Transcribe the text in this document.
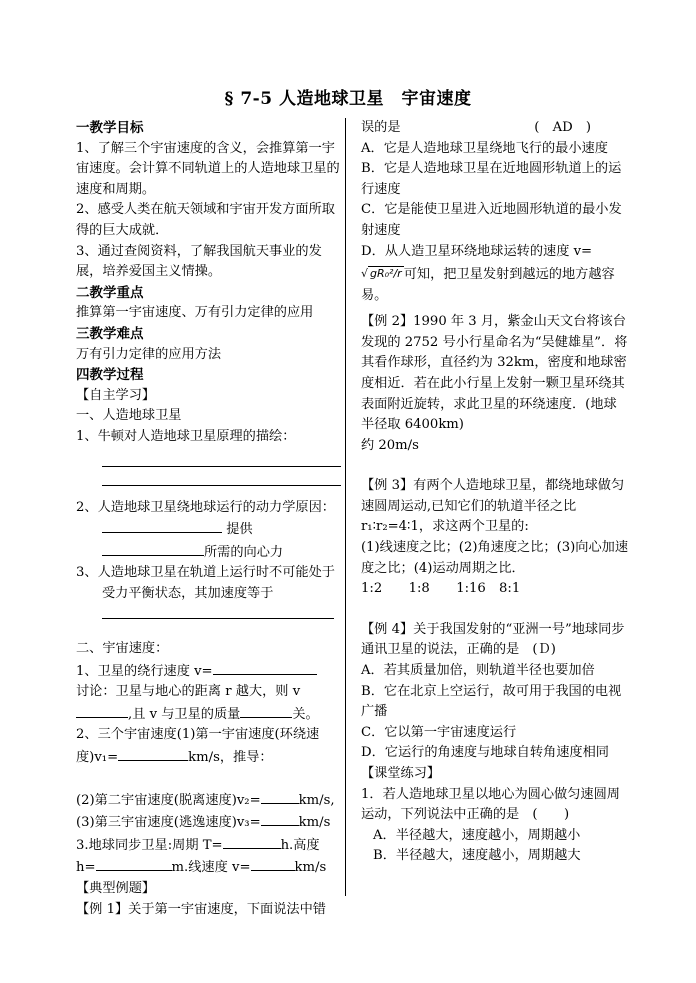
§ 7-5 人造地球卫星　宇宙速度

一教学目标

1、了解三个宇宙速度的含义，会推算第一宇宙速度。会计算不同轨道上的人造地球卫星的速度和周期。

2、感受人类在航天领域和宇宙开发方面所取得的巨大成就．

3、通过查阅资料，了解我国航天事业的发展，培养爱国主义情操。

二教学重点

推算第一宇宙速度、万有引力定律的应用

三教学难点

万有引力定律的应用方法

四教学过程

【自主学习】

一、人造地球卫星

1、牛顿对人造地球卫星原理的描绘：

2、人造地球卫星绕地球运行的动力学原因： 提供
所需的向心力

3、人造地球卫星在轨道上运行时不可能处于受力平衡状态，其加速度等于

二、宇宙速度：

1、卫星的绕行速度 v=

讨论：卫星与地心的距离 r 越大，则 v,且 v 与卫星的质量	关。

2、三个宇宙速度(1)第一宇宙速度(环绕速度)v₁=	km/s，推导：

(2)第二宇宙速度(脱离速度)v₂=	km/s,

(3)第三宇宙速度(逃逸速度)v₃=	km/s

3.地球同步卫星:周期 T=	h.高度 h=	m.线速度 v=	km/s

【典型例题】

【例 1】关于第一宇宙速度，下面说法中错

误的是	(　AD　)

A．它是人造地球卫星绕地飞行的最小速度

B．它是人造地球卫星在近地圆形轨道上的运行速度

C．它是能使卫星进入近地圆形轨道的最小发射速度

D．从人造卫星环绕地球运转的速度 v=

√ gR₀²/r 可知，把卫星发射到越远的地方越容易。

【例 2】1990 年 3 月，紫金山天文台将该台发现的 2752 号小行星命名为“吴健雄星”．将其看作球形，直径约为 32km，密度和地球密度相近．若在此小行星上发射一颗卫星环绕其表面附近旋转，求此卫星的环绕速度．(地球半径取 6400km)

约 20m/s

【例 3】有两个人造地球卫星，都绕地球做匀速圆周运动,已知它们的轨道半径之比 r₁∶r₂=4∶1，求这两个卫星的:

(1)线速度之比；(2)角速度之比；(3)向心加速度之比；(4)运动周期之比．

1:2　　1:8　　1:16　8:1

【例 4】关于我国发射的“亚洲一号”地球同步通讯卫星的说法，正确的是　(Ｄ)

A．若其质量加倍，则轨道半径也要加倍

B．它在北京上空运行，故可用于我国的电视广播

C．它以第一宇宙速度运行

D．它运行的角速度与地球自转角速度相同

【课堂练习】

1．若人造地球卫星以地心为圆心做匀速圆周运动，下列说法中正确的是　(　　)

A．半径越大，速度越小，周期越小

B．半径越大，速度越小，周期越大
